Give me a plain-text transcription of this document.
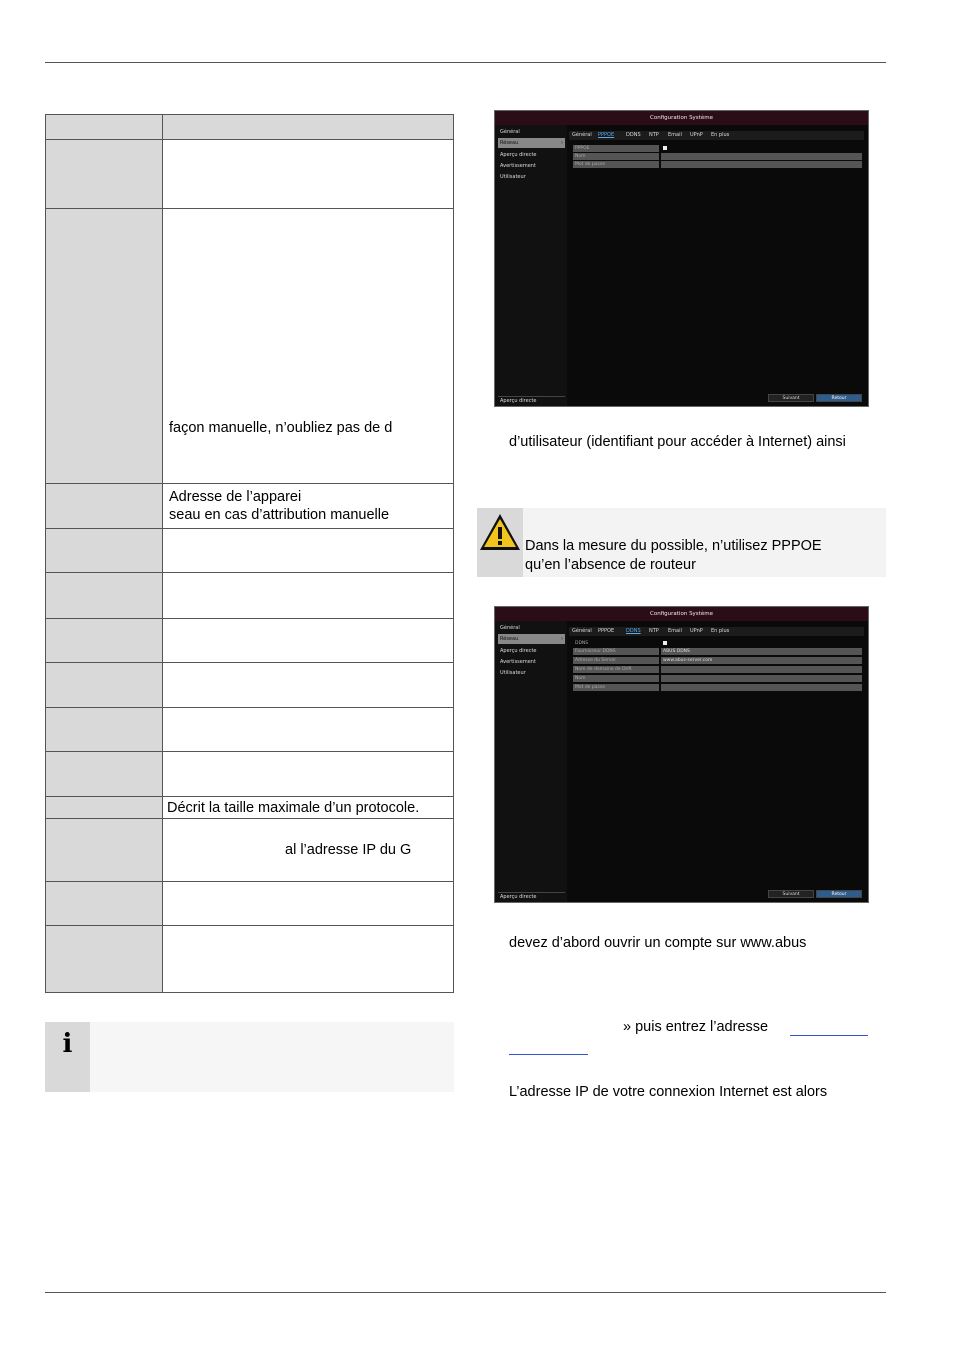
	façon manuelle, n’oubliez pas de d

	Adresse de l’apparei
seau en cas d’attribution manuelle

	Décrit la taille maximale d’un protocole.
	al l’adresse IP du G

i
Configuration Système
Général
Réseau	›
Aperçu directe
Avertissement
Utilisateur
Aperçu directe
Général PPPOE DDNS NTP Email UPnP En plus
PPPOE
Nom
Mot de passe
Suivant	Retour
d’utilisateur (identifiant pour accéder à Internet) ainsi
Dans la mesure du possible, n’utilisez PPPOE
qu’en l’absence de routeur
Configuration Système
Général
Réseau	›
Aperçu directe
Avertissement
Utilisateur
Aperçu directe
Général PPPOE DDNS NTP Email UPnP En plus
DDNS
Fournisseur DDNS	ABUS DDNS
Adresse du Server	www.abus-server.com
Nom de domaine de DVR
Nom
Mot de passe
Suivant	Retour
devez d’abord ouvrir un compte sur www.abus
» puis entrez l’adresse
L’adresse IP de votre connexion Internet est alors
